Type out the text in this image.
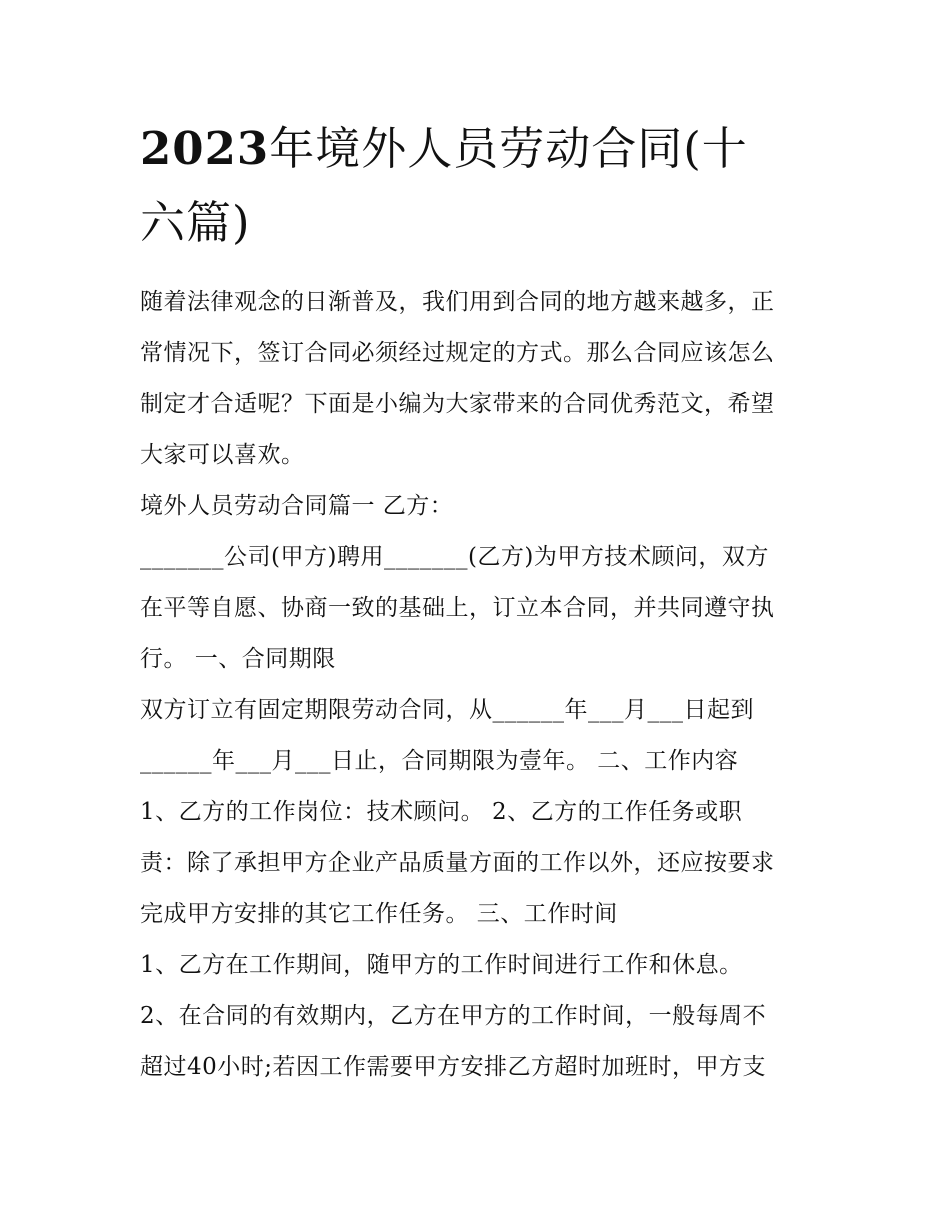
2023年境外人员劳动合同(十
六篇)
随着法律观念的日渐普及，我们用到合同的地方越来越多，正
常情况下，签订合同必须经过规定的方式。那么合同应该怎么
制定才合适呢？下面是小编为大家带来的合同优秀范文，希望
大家可以喜欢。
境外人员劳动合同篇一 乙方：
_______公司(甲方)聘用_______(乙方)为甲方技术顾问，双方
在平等自愿、协商一致的基础上，订立本合同，并共同遵守执
行。 一、合同期限
双方订立有固定期限劳动合同，从______年___月___日起到
______年___月___日止，合同期限为壹年。 二、工作内容
1、乙方的工作岗位：技术顾问。 2、乙方的工作任务或职
责：除了承担甲方企业产品质量方面的工作以外，还应按要求
完成甲方安排的其它工作任务。 三、工作时间
1、乙方在工作期间，随甲方的工作时间进行工作和休息。
2、在合同的有效期内，乙方在甲方的工作时间，一般每周不
超过40小时;若因工作需要甲方安排乙方超时加班时，甲方支
